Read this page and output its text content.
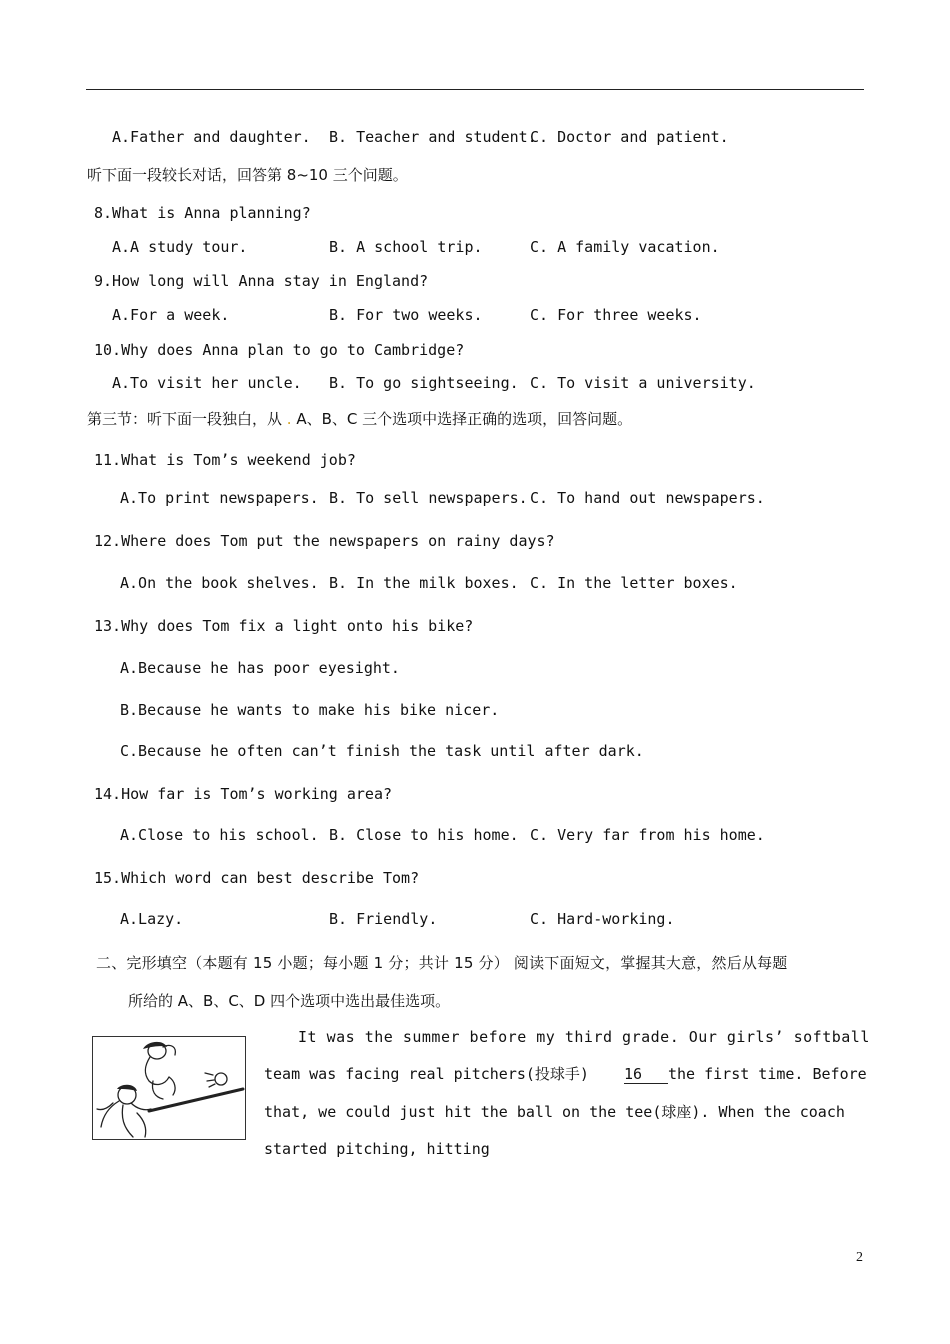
A.Father and daughter. B. Teacher and student.
C. Doctor and patient.
听下面一段较长对话，回答第 8~10 三个问题。
8.What is Anna planning?
A.A study tour.	B. A school trip.	C. A family vacation.
9.How long will Anna stay in England?
A.For a week.	B. For two weeks.	C. For three weeks.
10.Why does Anna plan to go to Cambridge?
A.To visit her uncle. B. To go sightseeing. C. To visit a university.
第三节：听下面一段独白，从 . A、B、C 三个选项中选择正确的选项，回答问题。
11.What is Tom’s weekend job?
A.To print newspapers. B. To sell newspapers. C. To hand out newspapers.
12.Where does Tom put the newspapers on rainy days?
A.On the book shelves. B. In the milk boxes. C. In the letter boxes.
13.Why does Tom fix a light onto his bike?
A.Because he has poor eyesight.
B.Because he wants to make his bike nicer.
C.Because he often can’t finish the task until after dark.
14.How far is Tom’s working area?
A.Close to his school. B. Close to his home. C. Very far from his home.
15.Which word can best describe Tom?
A.Lazy.	B. Friendly.	C. Hard-working.
二、完形填空（本题有 15 小题；每小题 1 分；共计 15 分） 阅读下面短文，掌握其大意，然后从每题
所给的 A、B、C、D 四个选项中选出最佳选项。
It was the summer before my third grade. Our girls’ softball
team was facing real pitchers(投球手) 16 the first time. Before
that, we could just hit the ball on the tee(球座). When the coach
started pitching, hitting
2
